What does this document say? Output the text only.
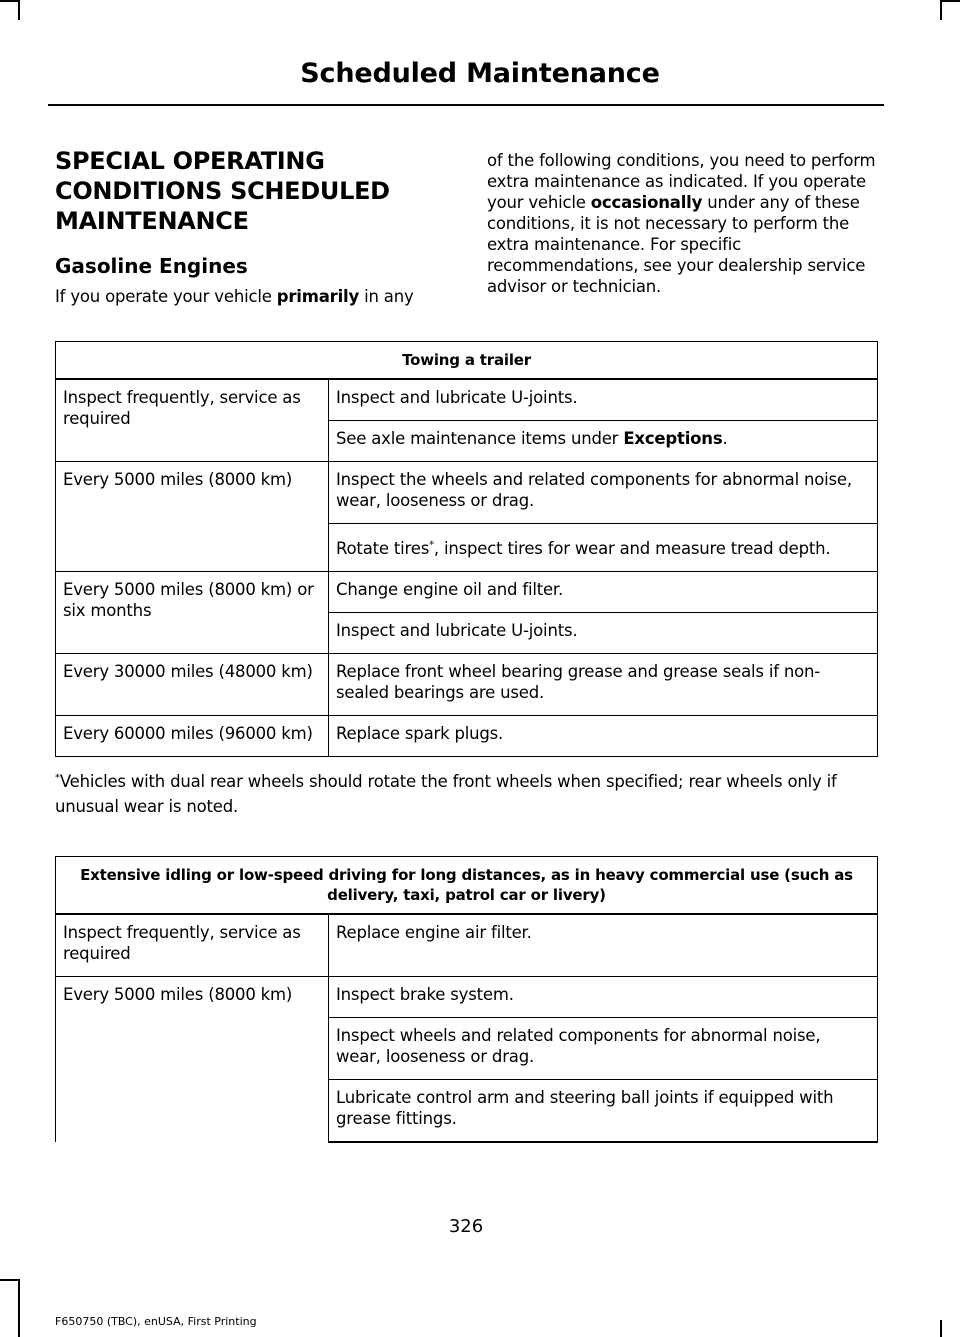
Scheduled Maintenance
SPECIAL OPERATING CONDITIONS SCHEDULED MAINTENANCE
Gasoline Engines

If you operate your vehicle primarily in any

of the following conditions, you need to perform extra maintenance as indicated. If you operate your vehicle occasionally under any of these conditions, it is not necessary to perform the extra maintenance. For specific recommendations, see your dealership service advisor or technician.

Towing a trailer	
Inspect frequently, service as required	Inspect and lubricate U-joints.
	See axle maintenance items under Exceptions.
Every 5000 miles (8000 km)	Inspect the wheels and related components for abnormal noise, wear, looseness or drag.
	Rotate tires*, inspect tires for wear and measure tread depth.
Every 5000 miles (8000 km) or six months	Change engine oil and filter.
	Inspect and lubricate U-joints.
Every 30000 miles (48000 km)	Replace front wheel bearing grease and grease seals if non-sealed bearings are used.
Every 60000 miles (96000 km)	Replace spark plugs.
*Vehicles with dual rear wheels should rotate the front wheels when specified; rear wheels only if unusual wear is noted.
Extensive idling or low-speed driving for long distances, as in heavy commercial use (such as delivery, taxi, patrol car or livery)	
Inspect frequently, service as required	Replace engine air filter.
Every 5000 miles (8000 km)	Inspect brake system.
	Inspect wheels and related components for abnormal noise, wear, looseness or drag.
	Lubricate control arm and steering ball joints if equipped with grease fittings.
326
F650750 (TBC), enUSA, First Printing
